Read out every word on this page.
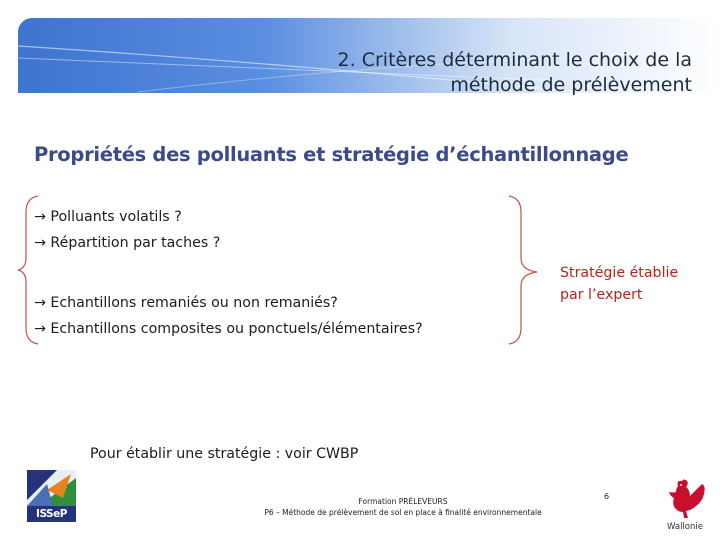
2. Critères déterminant le choix de la
méthode de prélèvement
Propriétés des polluants et stratégie d’échantillonnage
→ Polluants volatils ?
→ Répartition par taches ?
→ Echantillons remaniés ou non remaniés?
→ Echantillons composites ou ponctuels/élémentaires?
Stratégie établie
par l’expert
Pour établir une stratégie : voir CWBP
ISSeP
Formation PRÉLEVEURS
P6 – Méthode de prélèvement de sol en place à finalité environnementale
6
Wallonie
